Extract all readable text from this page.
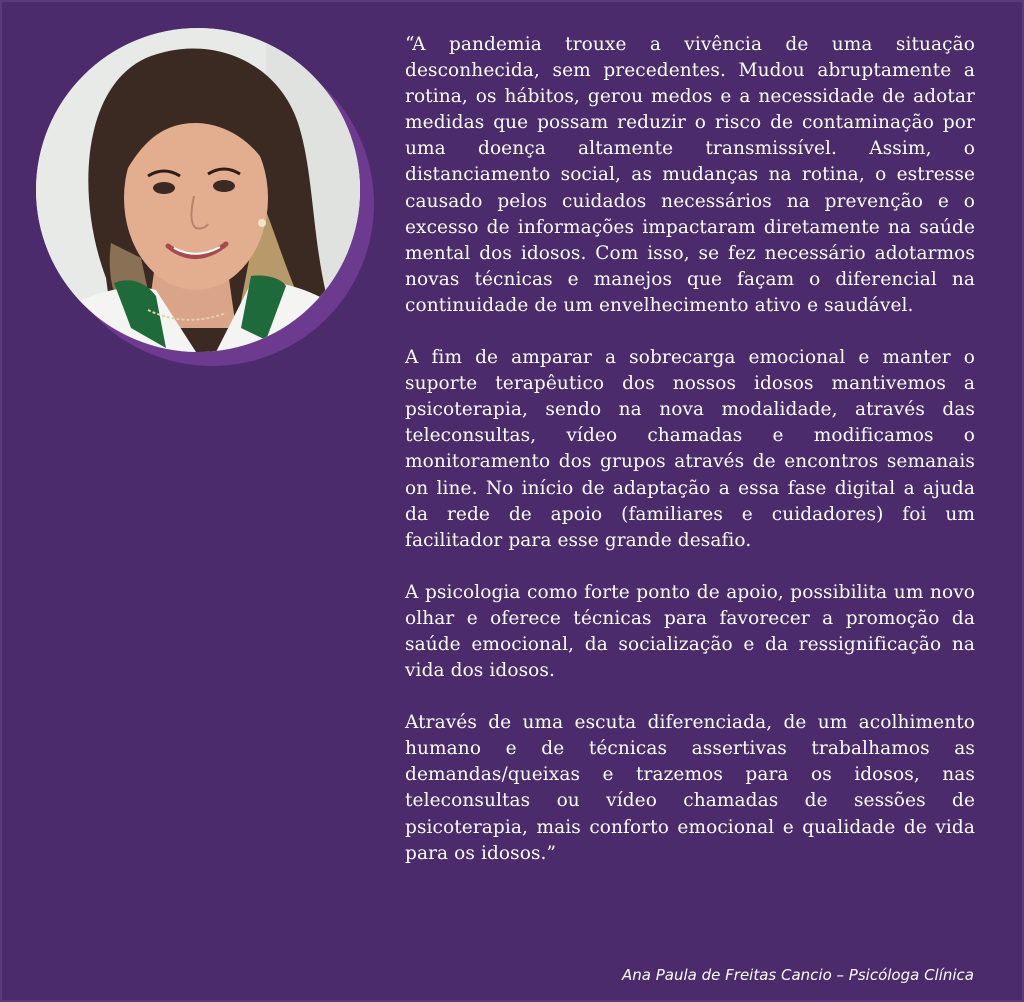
“A pandemia trouxe a vivência de uma situação desconhecida, sem precedentes. Mudou abruptamente a rotina, os hábitos, gerou medos e a necessidade de adotar medidas que possam reduzir o risco de contaminação por uma doença altamente transmissível. Assim, o distanciamento social, as mudanças na rotina, o estresse causado pelos cuidados necessários na prevenção e o excesso de informações impactaram diretamente na saúde mental dos idosos. Com isso, se fez necessário adotarmos novas técnicas e manejos que façam o diferencial na continuidade de um envelhecimento ativo e saudável.

A fim de amparar a sobrecarga emocional e manter o suporte terapêutico dos nossos idosos mantivemos a psicoterapia, sendo na nova modalidade, através das teleconsultas, vídeo chamadas e modificamos o monitoramento dos grupos através de encontros semanais on line. No início de adaptação a essa fase digital a ajuda da rede de apoio (familiares e cuidadores) foi um facilitador para esse grande desafio.

A psicologia como forte ponto de apoio, possibilita um novo olhar e oferece técnicas para favorecer a promoção da saúde emocional, da socialização e da ressignificação na vida dos idosos.

Através de uma escuta diferenciada, de um acolhimento humano e de técnicas assertivas trabalhamos as demandas/queixas e trazemos para os idosos, nas teleconsultas ou vídeo chamadas de sessões de psicoterapia, mais conforto emocional e qualidade de vida para os idosos.”

Ana Paula de Freitas Cancio – Psicóloga Clínica
